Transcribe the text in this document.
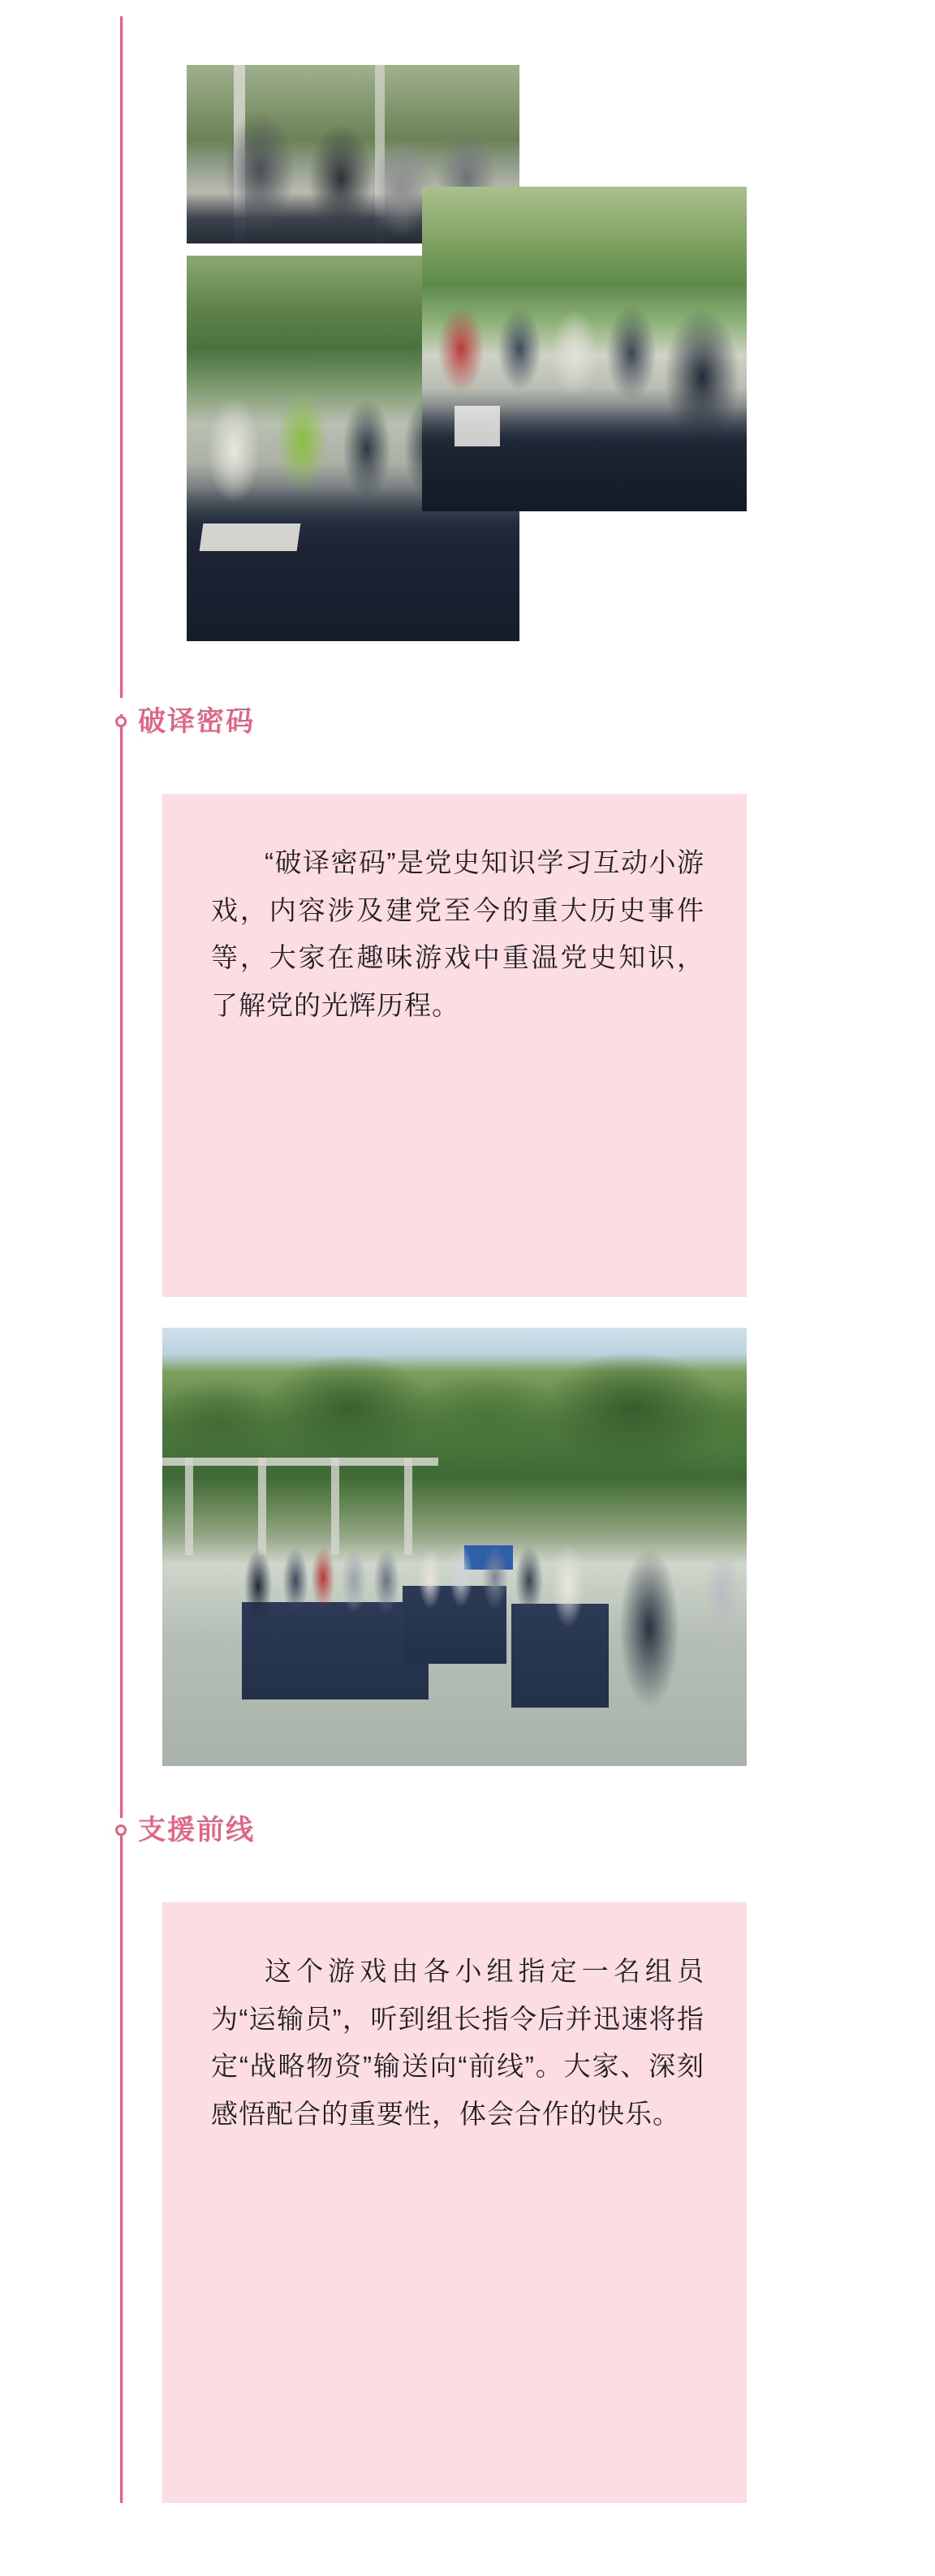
破译密码

“破译密码”是党史知识学习互动小游戏，内容涉及建党至今的重大历史事件等，大家在趣味游戏中重温党史知识，了解党的光辉历程。

支援前线

这个游戏由各小组指定一名组员为“运输员”，听到组长指令后并迅速将指定“战略物资”输送向“前线”。大家、深刻感悟配合的重要性，体会合作的快乐。
